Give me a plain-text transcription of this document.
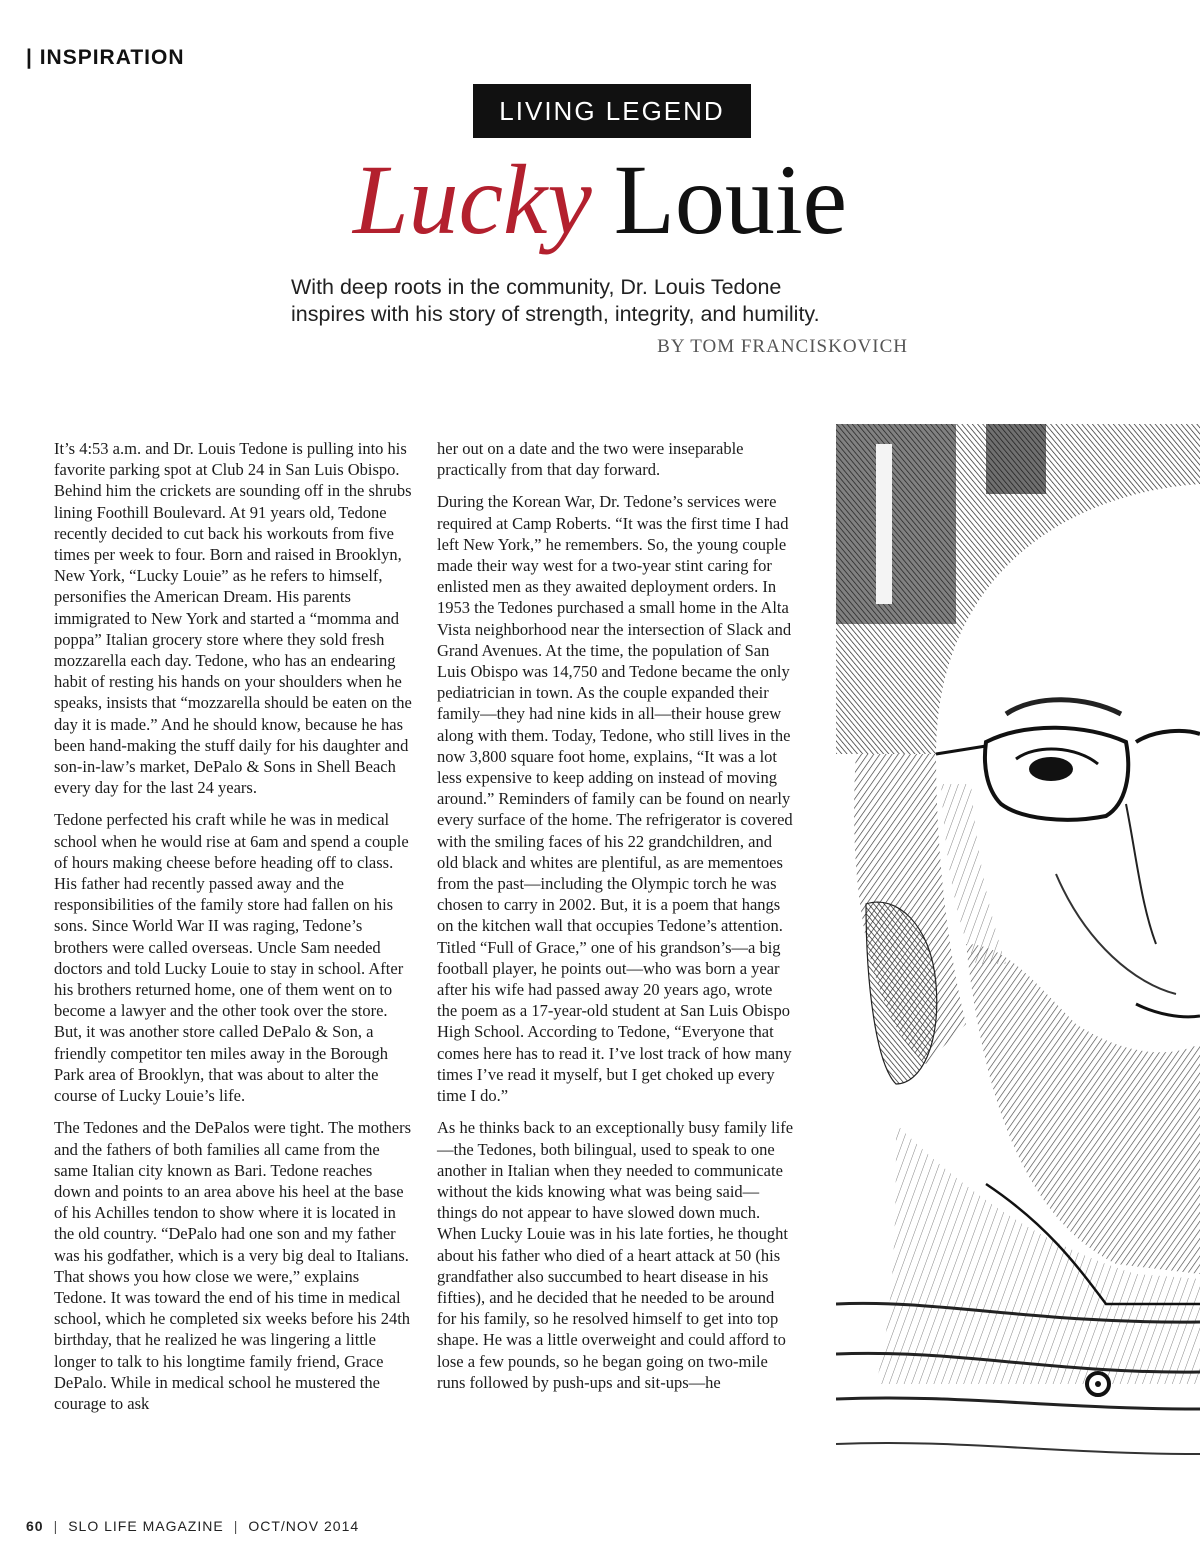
| INSPIRATION
LIVING LEGEND
Lucky Louie
With deep roots in the community, Dr. Louis Tedone
inspires with his story of strength, integrity, and humility.
BY TOM FRANCISKOVICH

It’s 4:53 a.m. and Dr. Louis Tedone is pulling into his favorite parking spot at Club 24 in San Luis Obispo. Behind him the crickets are sounding off in the shrubs lining Foothill Boulevard. At 91 years old, Tedone recently decided to cut back his workouts from five times per week to four. Born and raised in Brooklyn, New York, “Lucky Louie” as he refers to himself, personifies the American Dream. His parents immigrated to New York and started a “momma and poppa” Italian grocery store where they sold fresh mozzarella each day. Tedone, who has an endearing habit of resting his hands on your shoulders when he speaks, insists that “mozzarella should be eaten on the day it is made.” And he should know, because he has been hand-making the stuff daily for his daughter and son-in-law’s market, DePalo & Sons in Shell Beach every day for the last 24 years.

Tedone perfected his craft while he was in medical school when he would rise at 6am and spend a couple of hours making cheese before heading off to class. His father had recently passed away and the responsibilities of the family store had fallen on his sons. Since World War II was raging, Tedone’s brothers were called overseas. Uncle Sam needed doctors and told Lucky Louie to stay in school. After his brothers returned home, one of them went on to become a lawyer and the other took over the store. But, it was another store called DePalo & Son, a friendly competitor ten miles away in the Borough Park area of Brooklyn, that was about to alter the course of Lucky Louie’s life.

The Tedones and the DePalos were tight. The mothers and the fathers of both families all came from the same Italian city known as Bari. Tedone reaches down and points to an area above his heel at the base of his Achilles tendon to show where it is located in the old country. “DePalo had one son and my father was his godfather, which is a very big deal to Italians. That shows you how close we were,” explains Tedone. It was toward the end of his time in medical school, which he completed six weeks before his 24th birthday, that he realized he was lingering a little longer to talk to his longtime family friend, Grace DePalo. While in medical school he mustered the courage to ask

her out on a date and the two were inseparable practically from that day forward.

During the Korean War, Dr. Tedone’s services were required at Camp Roberts. “It was the first time I had left New York,” he remembers. So, the young couple made their way west for a two-year stint caring for enlisted men as they awaited deployment orders. In 1953 the Tedones purchased a small home in the Alta Vista neighborhood near the intersection of Slack and Grand Avenues. At the time, the population of San Luis Obispo was 14,750 and Tedone became the only pediatrician in town. As the couple expanded their family—they had nine kids in all—their house grew along with them. Today, Tedone, who still lives in the now 3,800 square foot home, explains, “It was a lot less expensive to keep adding on instead of moving around.” Reminders of family can be found on nearly every surface of the home. The refrigerator is covered with the smiling faces of his 22 grandchildren, and old black and whites are plentiful, as are mementoes from the past—including the Olympic torch he was chosen to carry in 2002. But, it is a poem that hangs on the kitchen wall that occupies Tedone’s attention. Titled “Full of Grace,” one of his grandson’s—a big football player, he points out—who was born a year after his wife had passed away 20 years ago, wrote the poem as a 17-year-old student at San Luis Obispo High School. According to Tedone, “Everyone that comes here has to read it. I’ve lost track of how many times I’ve read it myself, but I get choked up every time I do.”

As he thinks back to an exceptionally busy family life—the Tedones, both bilingual, used to speak to one another in Italian when they needed to communicate without the kids knowing what was being said—things do not appear to have slowed down much. When Lucky Louie was in his late forties, he thought about his father who died of a heart attack at 50 (his grandfather also succumbed to heart disease in his fifties), and he decided that he needed to be around for his family, so he resolved himself to get into top shape. He was a little overweight and could afford to lose a few pounds, so he began going on two-mile runs followed by push-ups and sit-ups—he

60 | SLO LIFE MAGAZINE | OCT/NOV 2014
